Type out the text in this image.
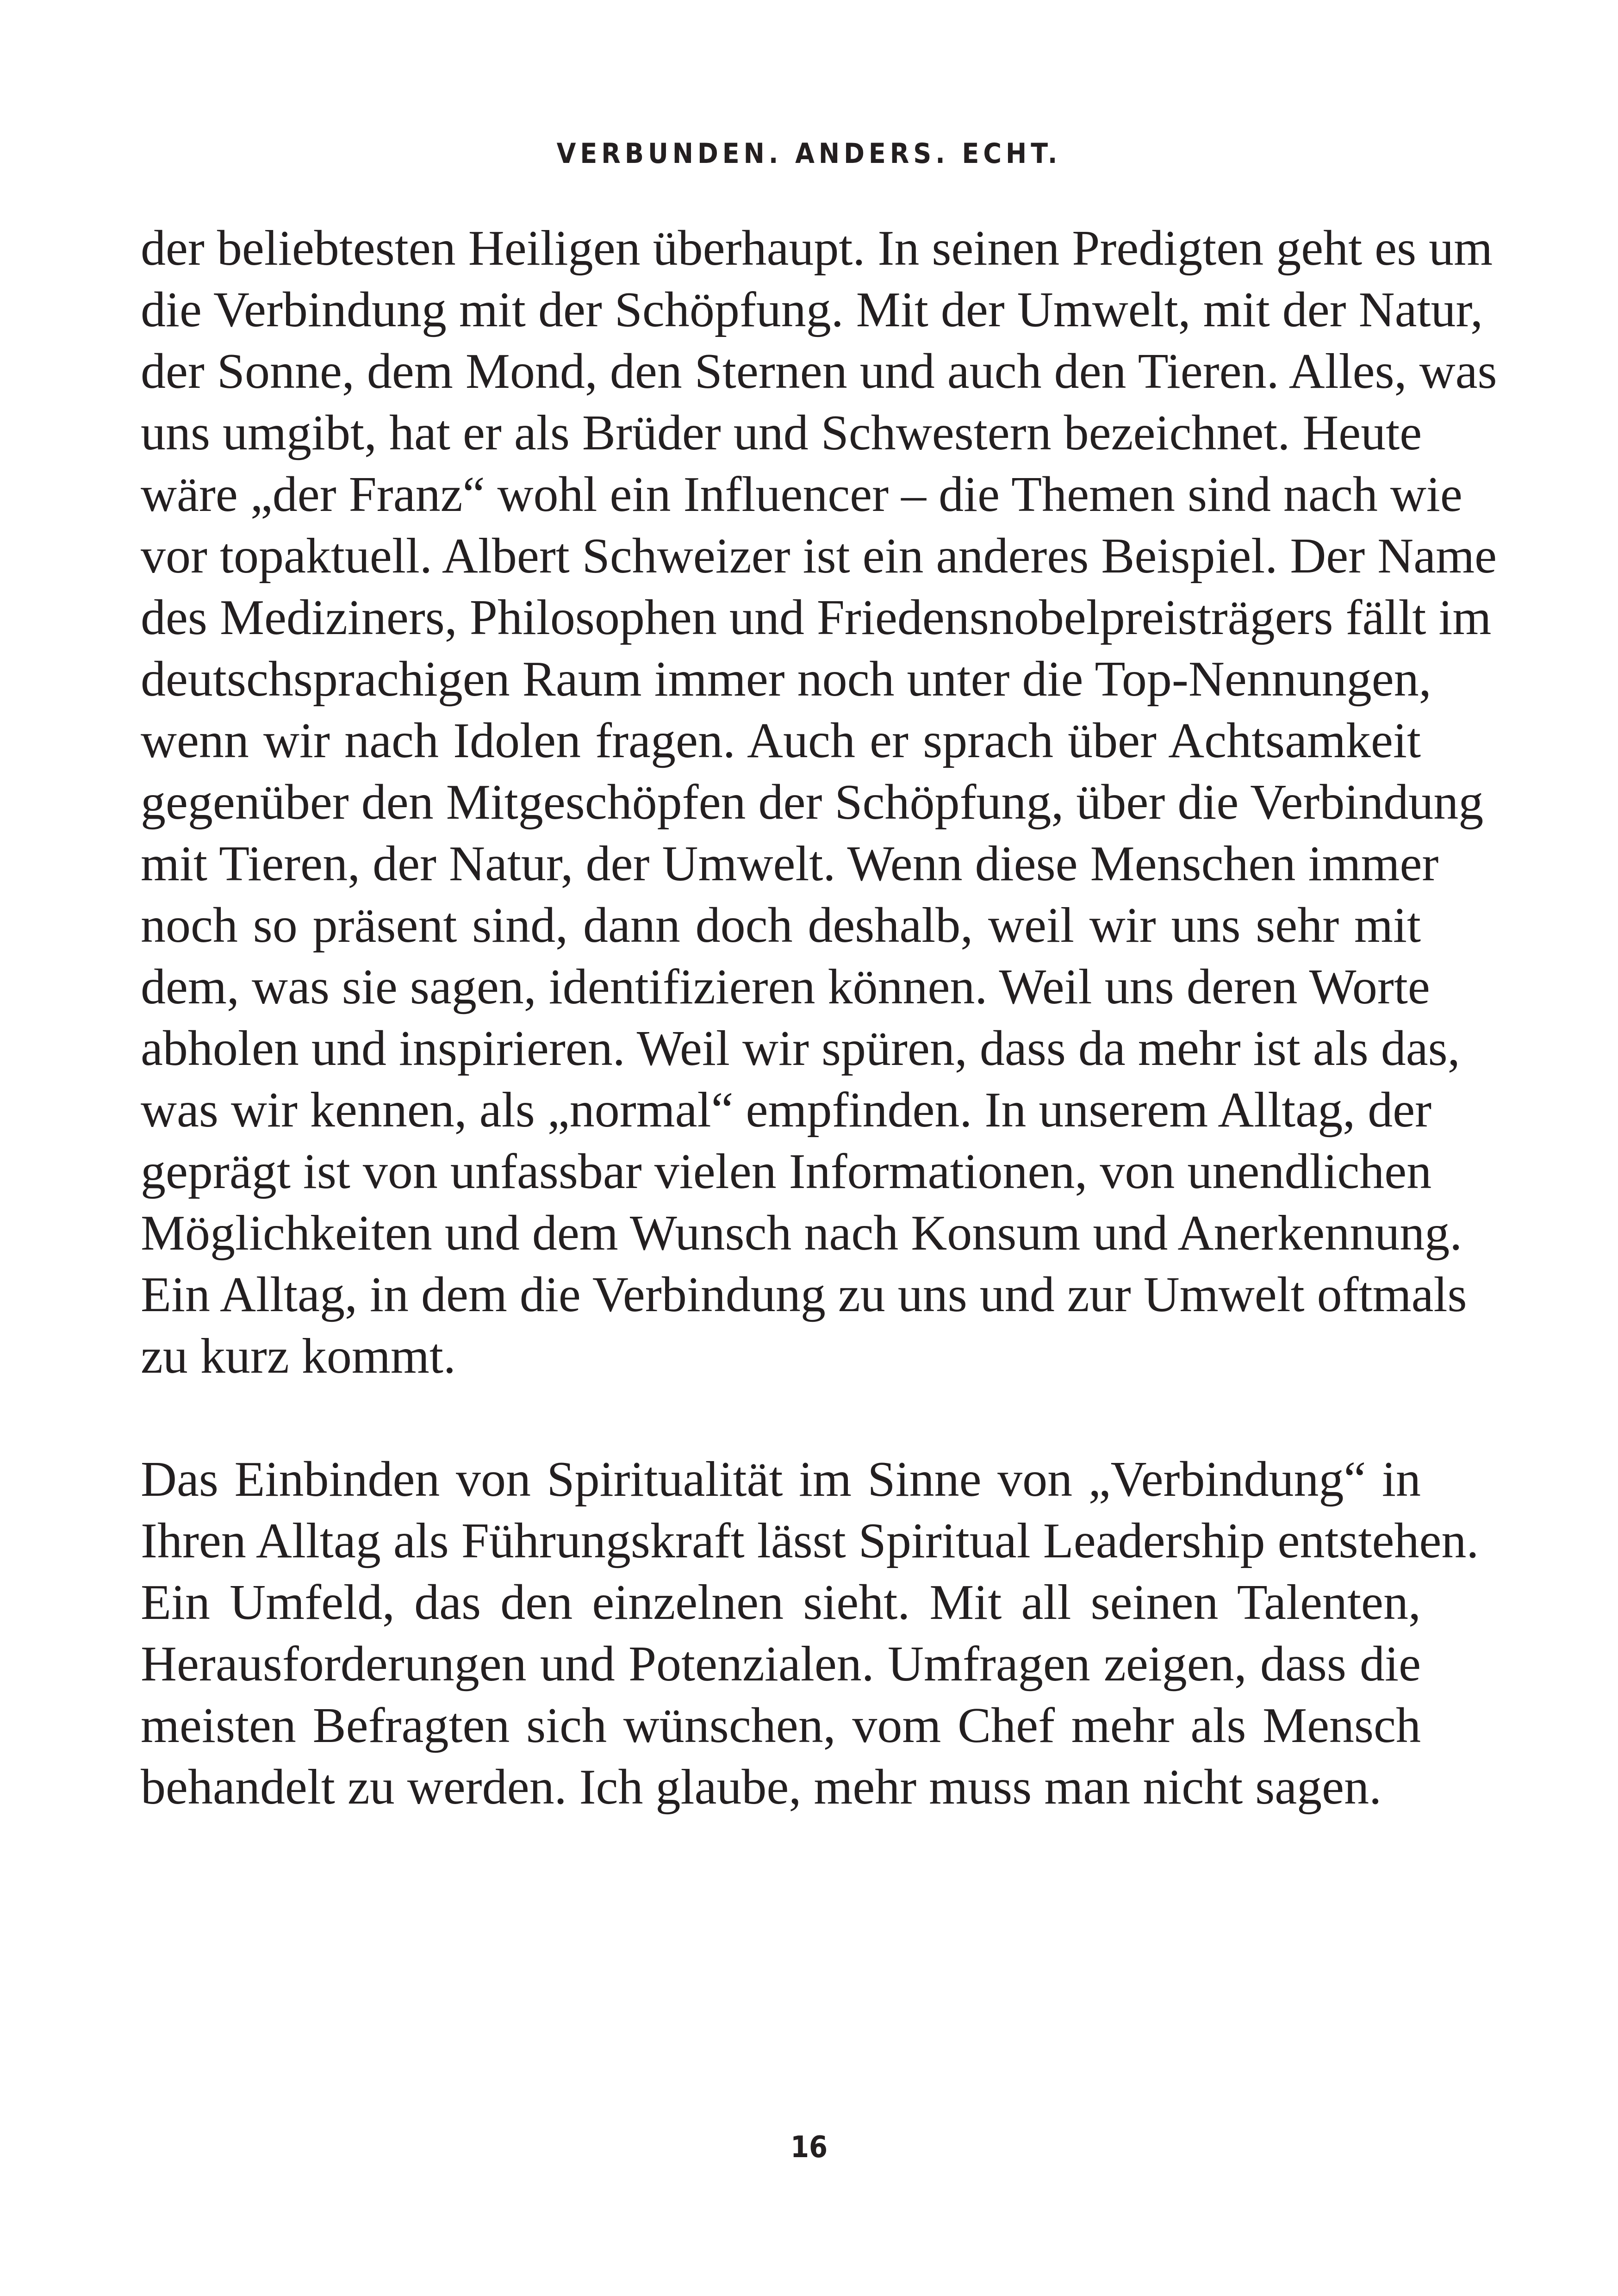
VERBUNDEN. ANDERS. ECHT.
der beliebtesten Heiligen überhaupt. In seinen Predigten geht es um
die Verbindung mit der Schöpfung. Mit der Umwelt, mit der Natur,
der Sonne, dem Mond, den Sternen und auch den Tieren. Alles, was
uns umgibt, hat er als Brüder und Schwestern bezeichnet. Heute
wäre „der Franz“ wohl ein Influencer – die Themen sind nach wie
vor topaktuell. Albert Schweizer ist ein anderes Beispiel. Der Name
des Mediziners, Philosophen und Friedensnobelpreisträgers fällt im
deutschsprachigen Raum immer noch unter die Top-Nennungen,
wenn wir nach Idolen fragen. Auch er sprach über Achtsamkeit
gegenüber den Mitgeschöpfen der Schöpfung, über die Verbindung
mit Tieren, der Natur, der Umwelt. Wenn diese Menschen immer
noch so präsent sind, dann doch deshalb, weil wir uns sehr mit
dem, was sie sagen, identifizieren können. Weil uns deren Worte
abholen und inspirieren. Weil wir spüren, dass da mehr ist als das,
was wir kennen, als „normal“ empfinden. In unserem Alltag, der
geprägt ist von unfassbar vielen Informationen, von unendlichen
Möglichkeiten und dem Wunsch nach Konsum und Anerkennung.
Ein Alltag, in dem die Verbindung zu uns und zur Umwelt oftmals
zu kurz kommt.
Das Einbinden von Spiritualität im Sinne von „Verbindung“ in
Ihren Alltag als Führungskraft lässt Spiritual Leadership entstehen.
Ein Umfeld, das den einzelnen sieht. Mit all seinen Talenten,
Herausforderungen und Potenzialen. Umfragen zeigen, dass die
meisten Befragten sich wünschen, vom Chef mehr als Mensch
behandelt zu werden. Ich glaube, mehr muss man nicht sagen.
16
